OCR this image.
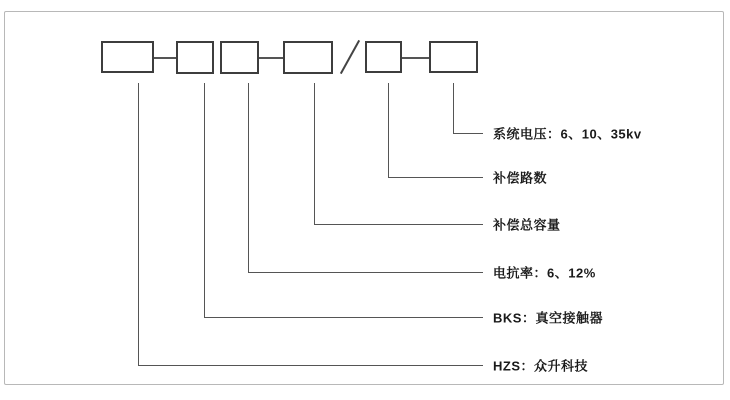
系统电压：6、10、35kv
补偿路数
补偿总容量
电抗率：6、12%
BKS：真空接触器
HZS：众升科技
